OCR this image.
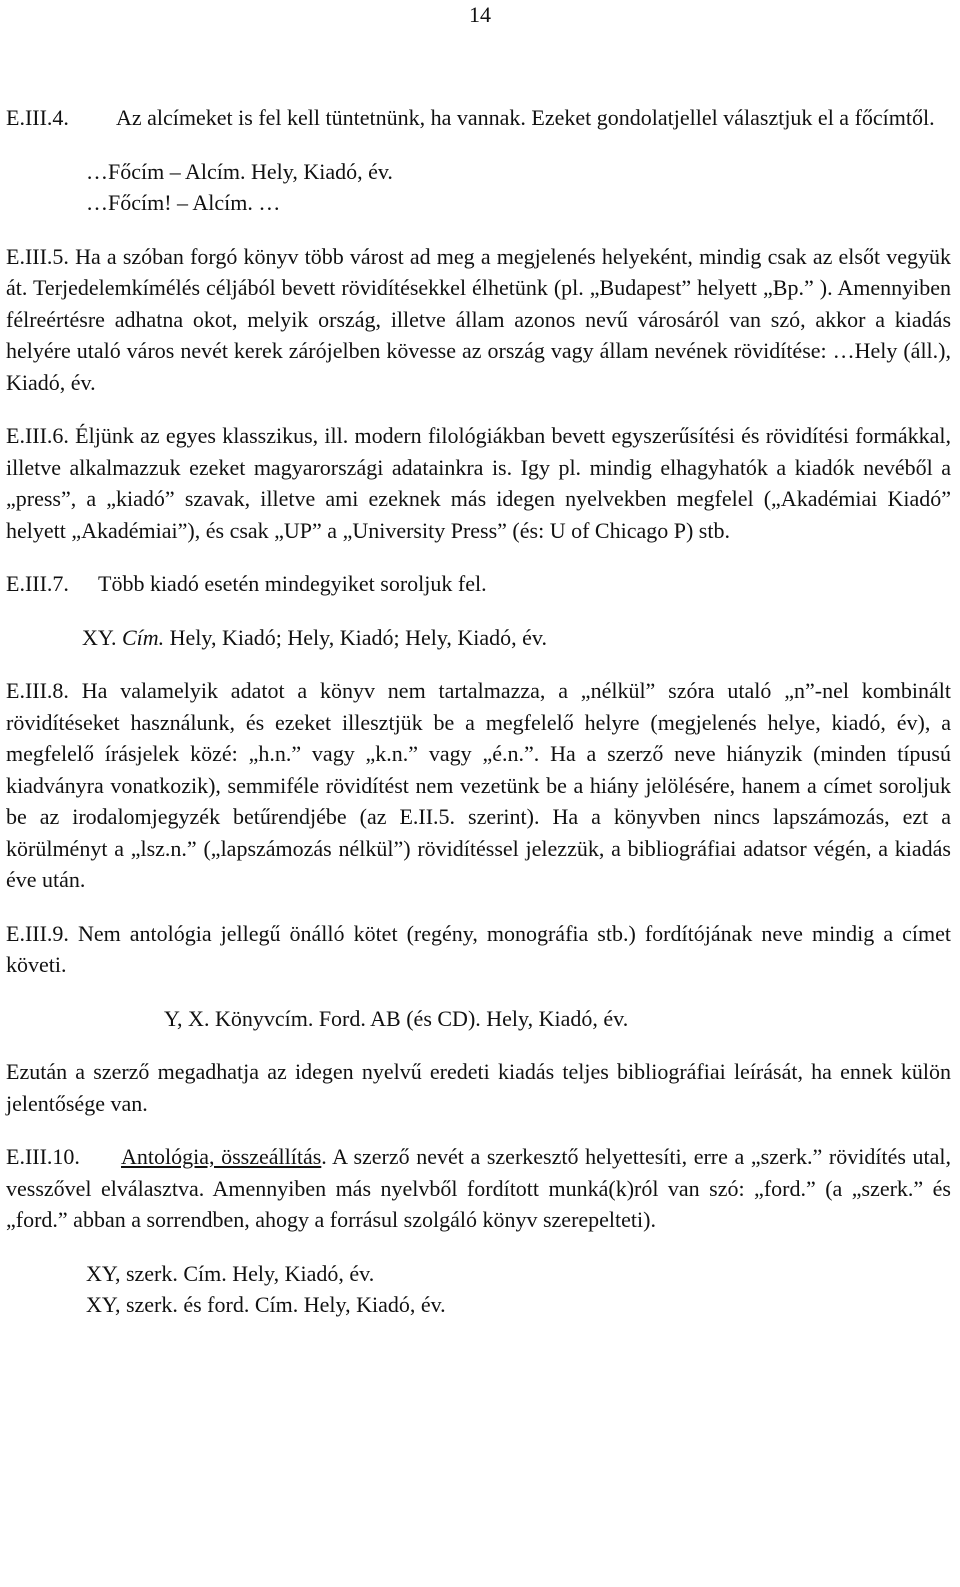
14

E.III.4. Az alcímeket is fel kell tüntetnünk, ha vannak. Ezeket gondolatjellel választjuk el a főcímtől.

…Főcím – Alcím. Hely, Kiadó, év.

…Főcím! – Alcím. …

E.III.5. Ha a szóban forgó könyv több várost ad meg a megjelenés helyeként, mindig csak az elsőt vegyük át. Terjedelemkímélés céljából bevett rövidítésekkel élhetünk (pl. „Budapest” helyett „Bp.” ). Amennyiben félreértésre adhatna okot, melyik ország, illetve állam azonos nevű városáról van szó, akkor a kiadás helyére utaló város nevét kerek zárójelben kövesse az ország vagy állam nevének rövidítése: …Hely (áll.), Kiadó, év.

E.III.6. Éljünk az egyes klasszikus, ill. modern filológiákban bevett egyszerűsítési és rövidítési formákkal, illetve alkalmazzuk ezeket magyarországi adatainkra is. Igy pl. mindig elhagyhatók a kiadók nevéből a „press”, a „kiadó” szavak, illetve ami ezeknek más idegen nyelvekben megfelel („Akadémiai Kiadó” helyett „Akadémiai”), és csak „UP” a „University Press” (és: U of Chicago P) stb.

E.III.7. Több kiadó esetén mindegyiket soroljuk fel.

XY. Cím. Hely, Kiadó; Hely, Kiadó; Hely, Kiadó, év.

E.III.8. Ha valamelyik adatot a könyv nem tartalmazza, a „nélkül” szóra utaló „n”-nel kombinált rövidítéseket használunk, és ezeket illesztjük be a megfelelő helyre (megjelenés helye, kiadó, év), a megfelelő írásjelek közé: „h.n.” vagy „k.n.” vagy „é.n.”. Ha a szerző neve hiányzik (minden típusú kiadványra vonatkozik), semmiféle rövidítést nem vezetünk be a hiány jelölésére, hanem a címet soroljuk be az irodalomjegyzék betűrendjébe (az E.II.5. szerint). Ha a könyvben nincs lapszámozás, ezt a körülményt a „lsz.n.” („lapszámozás nélkül”) rövidítéssel jelezzük, a bibliográfiai adatsor végén, a kiadás éve után.

E.III.9. Nem antológia jellegű önálló kötet (regény, monográfia stb.) fordítójának neve mindig a címet követi.

Y, X. Könyvcím. Ford. AB (és CD). Hely, Kiadó, év.

Ezután a szerző megadhatja az idegen nyelvű eredeti kiadás teljes bibliográfiai leírását, ha ennek külön jelentősége van.

E.III.10. Antológia, összeállítás. A szerző nevét a szerkesztő helyettesíti, erre a „szerk.” rövidítés utal, vesszővel elválasztva. Amennyiben más nyelvből fordított munká(k)ról van szó: „ford.” (a „szerk.” és „ford.” abban a sorrendben, ahogy a forrásul szolgáló könyv szerepelteti).

XY, szerk. Cím. Hely, Kiadó, év.

XY, szerk. és ford. Cím. Hely, Kiadó, év.
